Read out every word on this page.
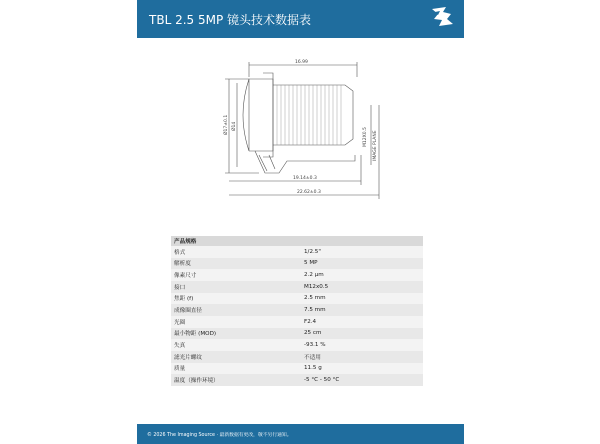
TBL 2.5 5MP 镜头技术数据表
16.99
Ø17±0.1 Ø14
M12X0.5 IMAGE PLANE
19.14±0.3
22.62±0.3
产品规格	
格式	1/2.5"
解析度	5 MP
像素尺寸	2.2 µm
接口	M12x0.5
焦距 (f)	2.5 mm
成像圈直径	7.5 mm
光圈	F2.4
最小物距 (MOD)	25 cm
失真	-93.1 %
滤光片螺纹	不适用
质量	11.5 g
温度（操作环境）	-5 °C - 50 °C
© 2026 The Imaging Source · 最新数据有更改，敬不另行通知。
